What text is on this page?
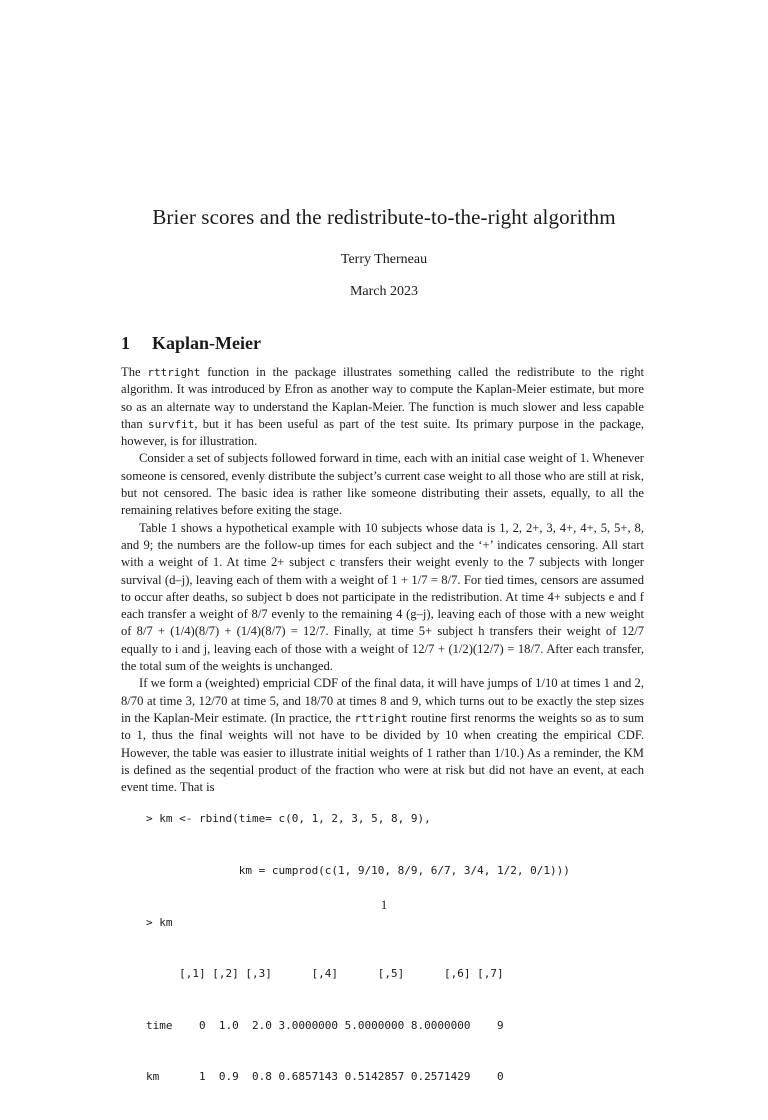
Brier scores and the redistribute-to-the-right algorithm
Terry Therneau
March 2023
1 Kaplan-Meier

The rttright function in the package illustrates something called the redistribute to the right algorithm. It was introduced by Efron as another way to compute the Kaplan-Meier estimate, but more so as an alternate way to understand the Kaplan-Meier. The function is much slower and less capable than survfit, but it has been useful as part of the test suite. Its primary purpose in the package, however, is for illustration.

Consider a set of subjects followed forward in time, each with an initial case weight of 1. Whenever someone is censored, evenly distribute the subject’s current case weight to all those who are still at risk, but not censored. The basic idea is rather like someone distributing their assets, equally, to all the remaining relatives before exiting the stage.

Table 1 shows a hypothetical example with 10 subjects whose data is 1, 2, 2+, 3, 4+, 4+, 5, 5+, 8, and 9; the numbers are the follow-up times for each subject and the ‘+’ indicates censoring. All start with a weight of 1. At time 2+ subject c transfers their weight evenly to the 7 subjects with longer survival (d–j), leaving each of them with a weight of 1 + 1/7 = 8/7. For tied times, censors are assumed to occur after deaths, so subject b does not participate in the redistribution. At time 4+ subjects e and f each transfer a weight of 8/7 evenly to the remaining 4 (g–j), leaving each of those with a new weight of 8/7 + (1/4)(8/7) + (1/4)(8/7) = 12/7. Finally, at time 5+ subject h transfers their weight of 12/7 equally to i and j, leaving each of those with a weight of 12/7 + (1/2)(12/7) = 18/7. After each transfer, the total sum of the weights is unchanged.

If we form a (weighted) empricial CDF of the final data, it will have jumps of 1/10 at times 1 and 2, 8/70 at time 3, 12/70 at time 5, and 18/70 at times 8 and 9, which turns out to be exactly the step sizes in the Kaplan-Meir estimate. (In practice, the rttright routine first renorms the weights so as to sum to 1, thus the final weights will not have to be divided by 10 when creating the empirical CDF. However, the table was easier to illustrate initial weights of 1 rather than 1/10.) As a reminder, the KM is defined as the seqential product of the fraction who were at risk but did not have an event, at each event time. That is

> km <- rbind(time= c(0, 1, 2, 3, 5, 8, 9),

km = cumprod(c(1, 9/10, 8/9, 6/7, 3/4, 1/2, 0/1)))

> km

[,1] [,2] [,3]      [,4]      [,5]      [,6] [,7]

time    0  1.0  2.0 3.0000000 5.0000000 8.0000000    9

km      1  0.9  0.8 0.6857143 0.5142857 0.2571429    0

1
